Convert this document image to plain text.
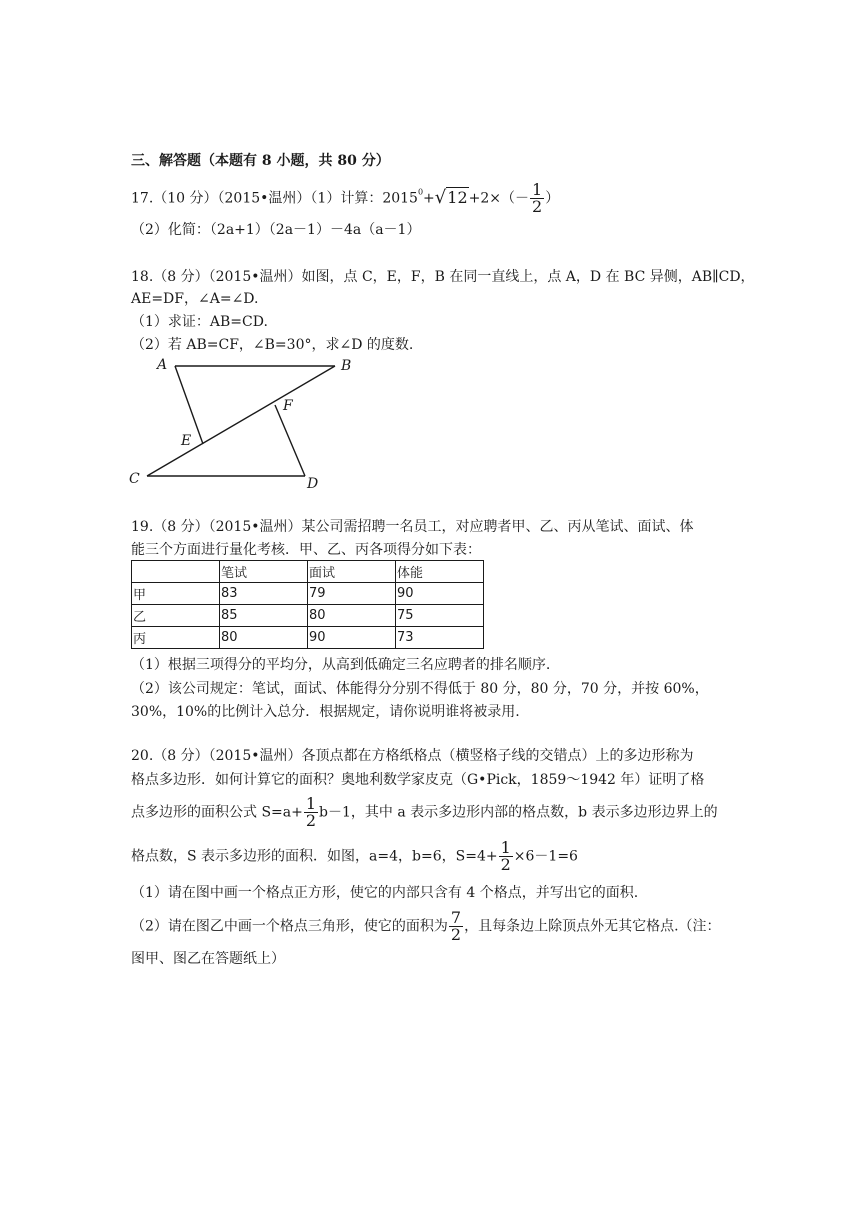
三、解答题（本题有 8 小题，共 80 分）
17.（10 分）（2015•温州）（1）计算：$2015^0+√12+2\times(- \frac{1}{2}$ ）
（2）化简：（2a+1）（2a－1）－4a（a－1）
18.（8 分）（2015•温州）如图，点 C，E，F，B 在同一直线上，点 A，D 在 BC 异侧，AB∥CD，
AE=DF，∠A=∠D.
（1）求证：AB=CD.
（2）若 AB=CF，∠B=30°，求∠D 的度数.
A	B
C	D
E
F
19.（8 分）（2015•温州）某公司需招聘一名员工，对应聘者甲、乙、丙从笔试、面试、体
能三个方面进行量化考核．甲、乙、丙各项得分如下表：
	笔试	面试	体能
甲	83	79	90
乙	85	80	75
丙	80	90	73
（1）根据三项得分的平均分，从高到低确定三名应聘者的排名顺序.
（2）该公司规定：笔试，面试、体能得分分别不得低于 80 分，80 分，70 分，并按 60%，
30%，10%的比例计入总分．根据规定，请你说明谁将被录用.
20.（8 分）（2015•温州）各顶点都在方格纸格点（横竖格子线的交错点）上的多边形称为
格点多边形．如何计算它的面积？奥地利数学家皮克（G•Pick，1859～1942 年）证明了格
点多边形的面积公式 $S=a+ \frac{1}{2} b-1$，其中 a 表示多边形内部的格点数，b 表示多边形边界上的
格点数，S 表示多边形的面积．如图，a=4，b=6，$S=4+ \frac{1}{2} \times 6-1=6$
（1）请在图中画一个格点正方形，使它的内部只含有 4 个格点，并写出它的面积.
（2）请在图乙中画一个格点三角形，使它的面积为 $\frac{7}{2}$ ，且每条边上除顶点外无其它格点.（注：
图甲、图乙在答题纸上）
